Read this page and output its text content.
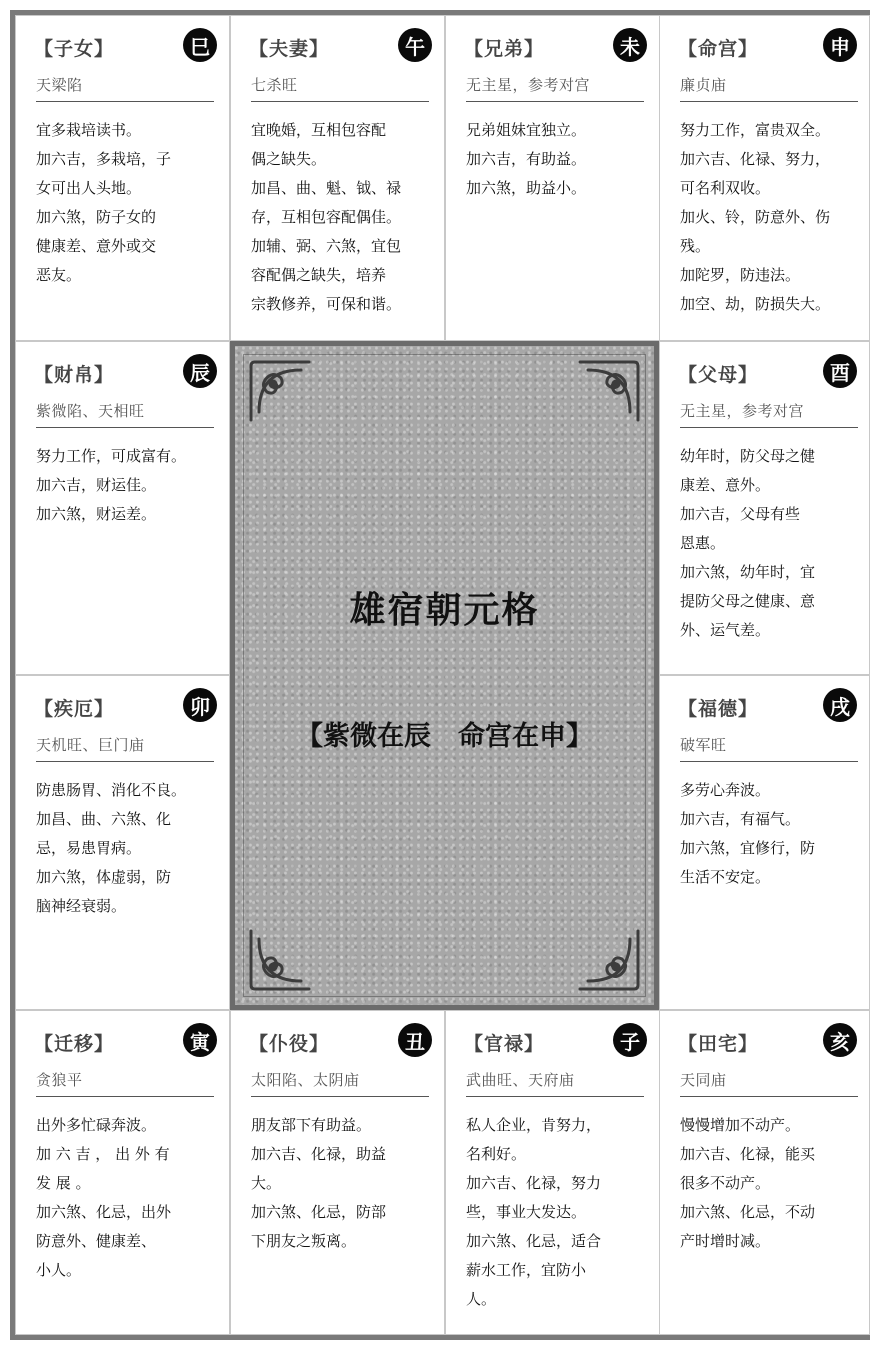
【子女】	巳
天梁陷
宜多栽培读书。
加六吉，多栽培，子
女可出人头地。
加六煞，防子女的
健康差、意外或交
恶友。
【夫妻】	午
七杀旺
宜晚婚，互相包容配
偶之缺失。
加昌、曲、魁、钺、禄
存，互相包容配偶佳。
加辅、弼、六煞，宜包
容配偶之缺失，培养
宗教修养，可保和谐。
【兄弟】	未
无主星，参考对宫
兄弟姐妹宜独立。
加六吉，有助益。
加六煞，助益小。
【命宫】	申
廉贞庙
努力工作，富贵双全。
加六吉、化禄、努力，
可名利双收。
加火、铃，防意外、伤
残。
加陀罗，防违法。
加空、劫，防损失大。
【财帛】	辰
紫微陷、天相旺
努力工作，可成富有。
加六吉，财运佳。
加六煞，财运差。
【父母】	酉
无主星，参考对宫
幼年时，防父母之健
康差、意外。
加六吉，父母有些
恩惠。
加六煞，幼年时，宜
提防父母之健康、意
外、运气差。
【疾厄】	卯
天机旺、巨门庙
防患肠胃、消化不良。
加昌、曲、六煞、化
忌，易患胃病。
加六煞，体虚弱，防
脑神经衰弱。
【福德】	戌
破军旺
多劳心奔波。
加六吉，有福气。
加六煞，宜修行，防
生活不安定。
【迁移】	寅
贪狼平
出外多忙碌奔波。
加 六 吉 ， 出 外 有
发 展 。
加六煞、化忌，出外
防意外、健康差、
小人。
【仆役】	丑
太阳陷、太阴庙
朋友部下有助益。
加六吉、化禄，助益
大。
加六煞、化忌，防部
下朋友之叛离。
【官禄】	子
武曲旺、天府庙
私人企业，肯努力，
名利好。
加六吉、化禄，努力
些，事业大发达。
加六煞、化忌，适合
薪水工作，宜防小
人。
【田宅】	亥
天同庙
慢慢增加不动产。
加六吉、化禄，能买
很多不动产。
加六煞、化忌，不动
产时增时减。
雄宿朝元格
【紫微在辰　命宫在申】
